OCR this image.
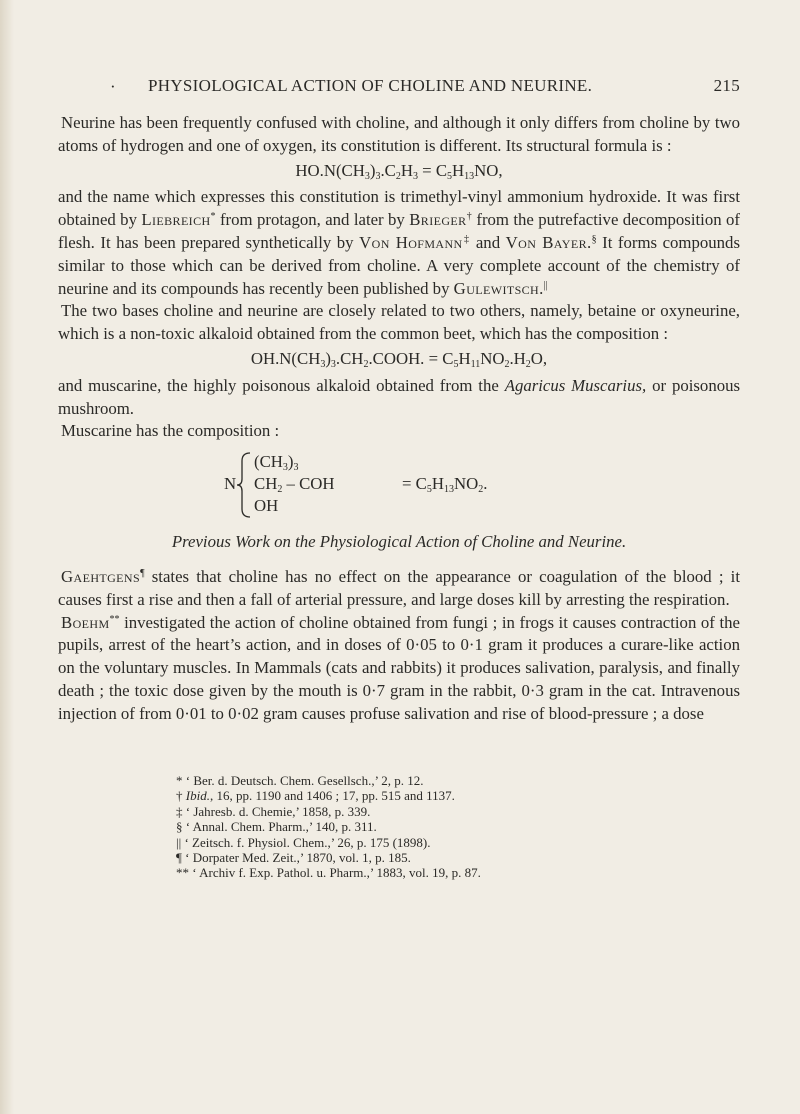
· PHYSIOLOGICAL ACTION OF CHOLINE AND NEURINE.	215

Neurine has been frequently confused with choline, and although it only differs from choline by two atoms of hydrogen and one of oxygen, its constitution is different. Its structural formula is :

$HO.N(CH_3)_3.C_2H_3 = C_5H_{13}NO$,

and the name which expresses this constitution is trimethyl-vinyl ammonium hydroxide. It was first obtained by Liebreich* from protagon, and later by Brieger† from the putrefactive decomposition of flesh. It has been prepared synthetically by Von Hofmann‡ and Von Bayer.§ It forms compounds similar to those which can be derived from choline. A very complete account of the chemistry of neurine and its compounds has recently been published by Gulewitsch.||

The two bases choline and neurine are closely related to two others, namely, betaine or oxyneurine, which is a non-toxic alkaloid obtained from the common beet, which has the composition :

$OH.N(CH_3)_3.CH_2.COOH$. = $C_5H_{11}NO_2.H_2O$,

and muscarine, the highly poisonous alkaloid obtained from the Agaricus Muscarius, or poisonous mushroom.

Muscarine has the composition :

N
$(CH_3)_3$
$CH_2$ – COH
OH
= $C_5H_{13}NO_2$.
Previous Work on the Physiological Action of Choline and Neurine.

Gaehtgens¶ states that choline has no effect on the appearance or coagulation of the blood ; it causes first a rise and then a fall of arterial pressure, and large doses kill by arresting the respiration.

Boehm** investigated the action of choline obtained from fungi ; in frogs it causes contraction of the pupils, arrest of the heart’s action, and in doses of 0·05 to 0·1 gram it produces a curare-like action on the voluntary muscles. In Mammals (cats and rabbits) it produces salivation, paralysis, and finally death ; the toxic dose given by the mouth is 0·7 gram in the rabbit, 0·3 gram in the cat. Intravenous injection of from 0·01 to 0·02 gram causes profuse salivation and rise of blood-pressure ; a dose

* ‘ Ber. d. Deutsch. Chem. Gesellsch.,’ 2, p. 12.
† Ibid., 16, pp. 1190 and 1406 ; 17, pp. 515 and 1137.
‡ ‘ Jahresb. d. Chemie,’ 1858, p. 339.
§ ‘ Annal. Chem. Pharm.,’ 140, p. 311.
|| ‘ Zeitsch. f. Physiol. Chem.,’ 26, p. 175 (1898).
¶ ‘ Dorpater Med. Zeit.,’ 1870, vol. 1, p. 185.
** ‘ Archiv f. Exp. Pathol. u. Pharm.,’ 1883, vol. 19, p. 87.
